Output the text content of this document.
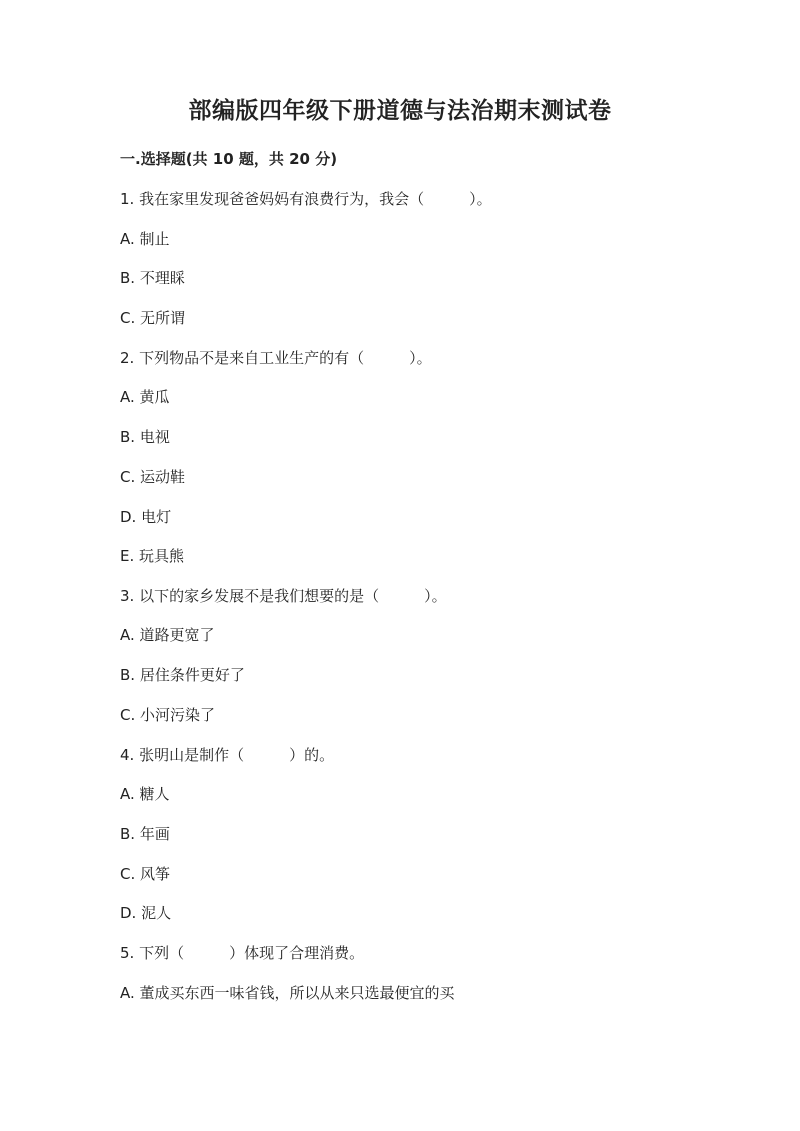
部编版四年级下册道德与法治期末测试卷
一.选择题(共 10 题，共 20 分)
1. 我在家里发现爸爸妈妈有浪费行为，我会（　　　）。
A. 制止
B. 不理睬
C. 无所谓
2. 下列物品不是来自工业生产的有（　　　）。
A. 黄瓜
B. 电视
C. 运动鞋
D. 电灯
E. 玩具熊
3. 以下的家乡发展不是我们想要的是（　　　）。
A. 道路更宽了
B. 居住条件更好了
C. 小河污染了
4. 张明山是制作（　　　）的。
A. 糖人
B. 年画
C. 风筝
D. 泥人
5. 下列（　　　）体现了合理消费。
A. 董成买东西一味省钱，所以从来只选最便宜的买
